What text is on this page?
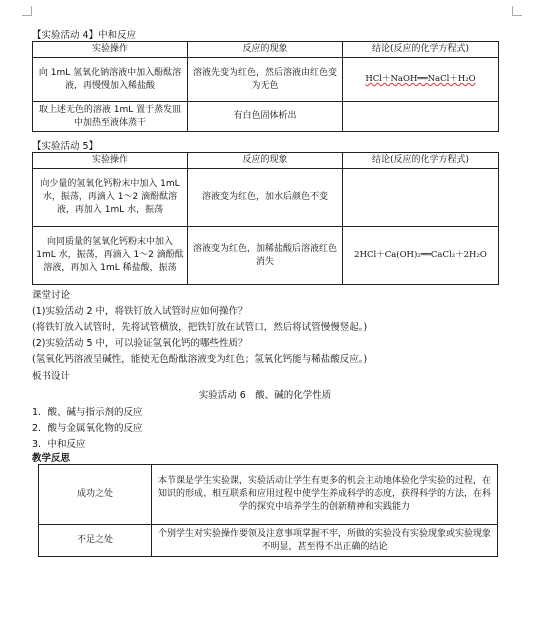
【实验活动 4】中和反应
实验操作	反应的现象	结论(反应的化学方程式)
向 1mL 氢氧化钠溶液中加入酚酞溶液，再慢慢加入稀盐酸	溶液先变为红色，然后溶液由红色变为无色	HCl＋NaOH══NaCl＋H₂O
取上述无色的溶液 1mL 置于蒸发皿中加热至液体蒸干	有白色固体析出	
【实验活动 5】
实验操作	反应的现象	结论(反应的化学方程式)
向少量的氢氧化钙粉末中加入 1mL 水，振荡，再滴入 1～2 滴酚酞溶液，再加入 1mL 水，振荡	溶液变为红色，加水后颜色不变	
向同质量的氢氧化钙粉末中加入 1mL 水，振荡，再滴入 1～2 滴酚酞溶液，再加入 1mL 稀盐酸，振荡	溶液变为红色，加稀盐酸后溶液红色消失	2HCl＋Ca(OH)₂══CaCl₂＋2H₂O
课堂讨论
(1)实验活动 2 中，将铁钉放入试管时应如何操作？
(将铁钉放入试管时，先将试管横放，把铁钉放在试管口，然后将试管慢慢竖起。)
(2)实验活动 5 中，可以验证氢氧化钙的哪些性质？
(氢氧化钙溶液呈碱性，能使无色酚酞溶液变为红色；氢氧化钙能与稀盐酸反应。)
板书设计
实验活动 6　酸、碱的化学性质
1．酸、碱与指示剂的反应
2．酸与金属氧化物的反应
3．中和反应
教学反思
成功之处	本节课是学生实验课，实验活动让学生有更多的机会主动地体验化学实验的过程，在知识的形成、相互联系和应用过程中使学生养成科学的态度，获得科学的方法，在科学的探究中培养学生的创新精神和实践能力
不足之处	个别学生对实验操作要领及注意事项掌握不牢，所做的实验没有实验现象或实验现象不明显，甚至得不出正确的结论
